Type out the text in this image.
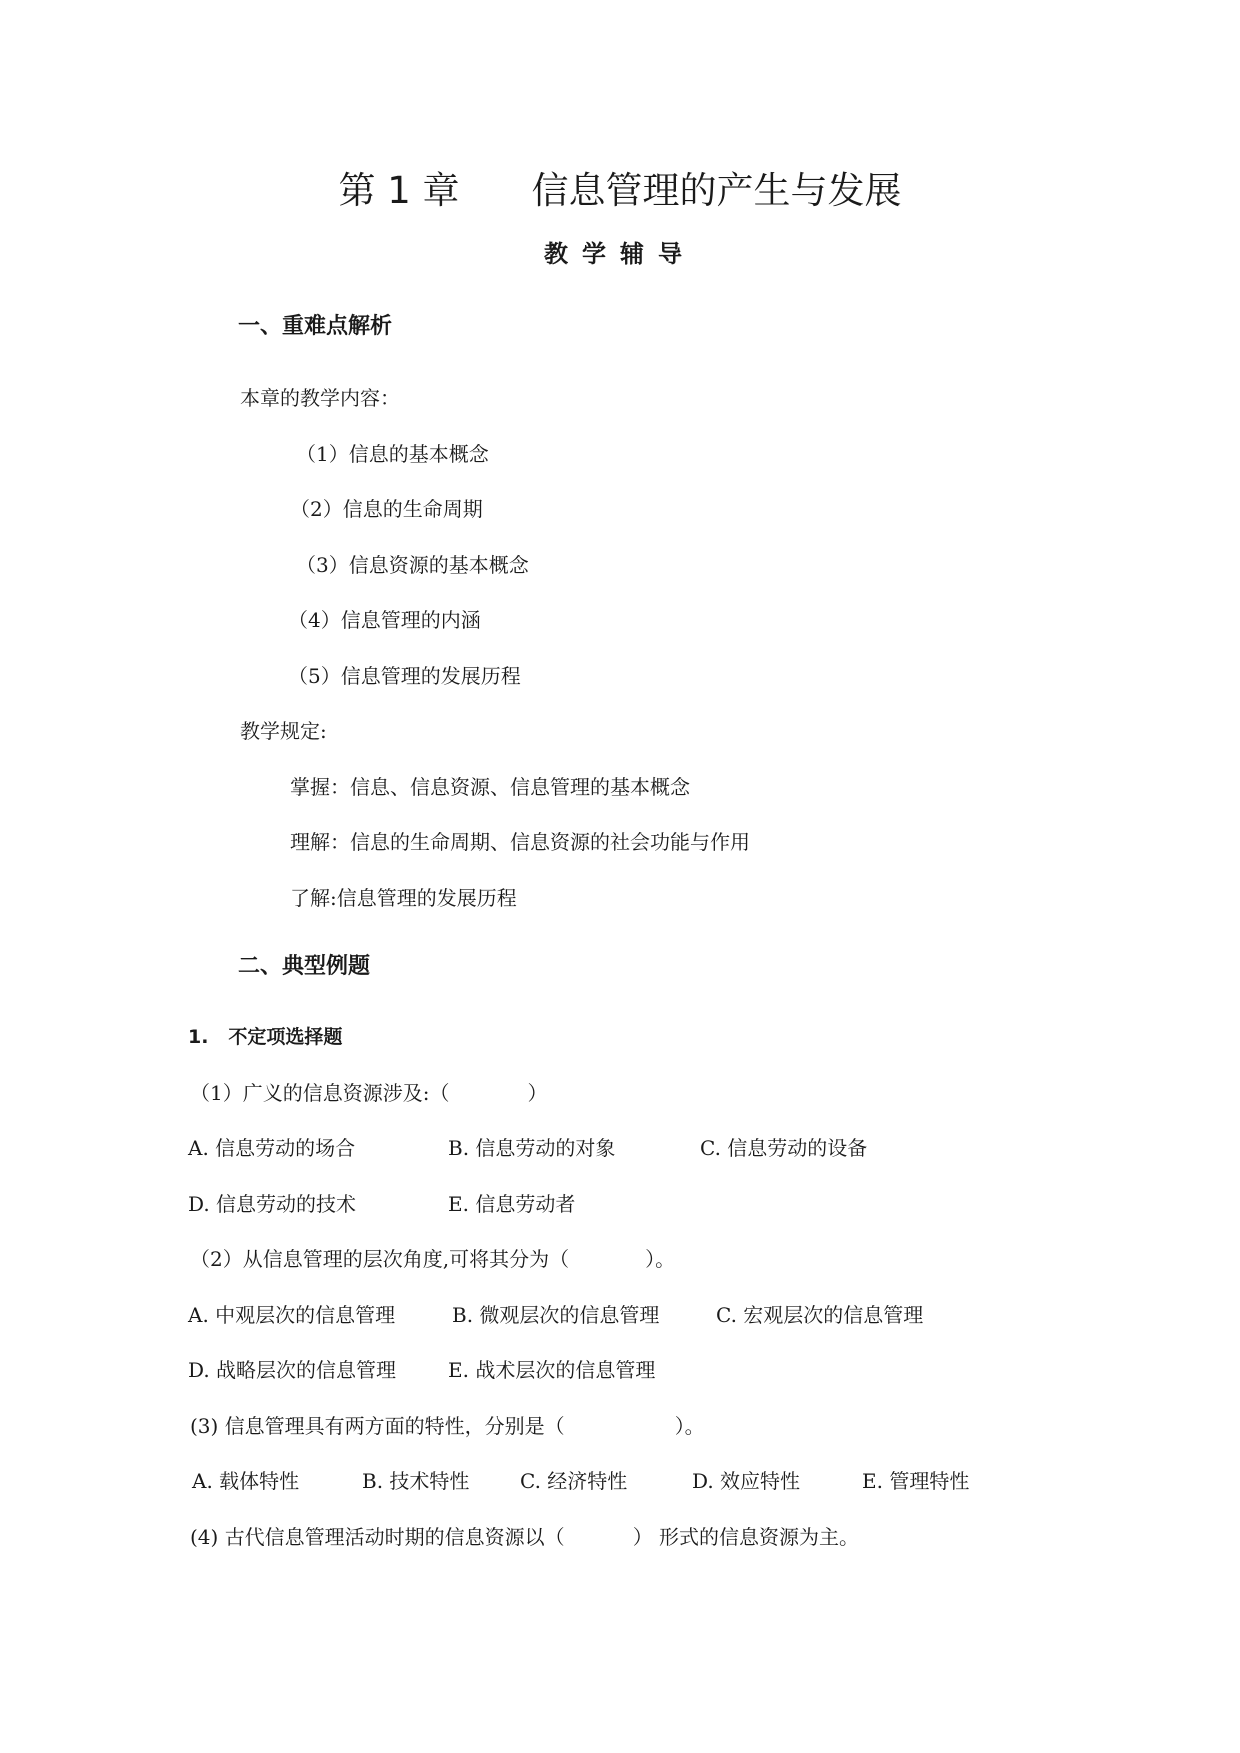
第 1 章 信息管理的产生与发展
教学辅导
一、重难点解析
本章的教学内容：
（1）信息的基本概念
（2）信息的生命周期
（3）信息资源的基本概念
（4）信息管理的内涵
（5）信息管理的发展历程
教学规定:
掌握：信息、信息资源、信息管理的基本概念
理解：信息的生命周期、信息资源的社会功能与作用
了解:信息管理的发展历程
二、典型例题
1. 不定项选择题
（1）广义的信息资源涉及:（	）
A. 信息劳动的场合	B. 信息劳动的对象	C. 信息劳动的设备
D. 信息劳动的技术	E. 信息劳动者
（2）从信息管理的层次角度,可将其分为（	）。
A. 中观层次的信息管理	B. 微观层次的信息管理	C. 宏观层次的信息管理
D. 战略层次的信息管理	E. 战术层次的信息管理
(3) 信息管理具有两方面的特性，分别是（	）。
A. 载体特性	B. 技术特性	C. 经济特性	D. 效应特性	E. 管理特性
(4) 古代信息管理活动时期的信息资源以（	） 形式的信息资源为主。
